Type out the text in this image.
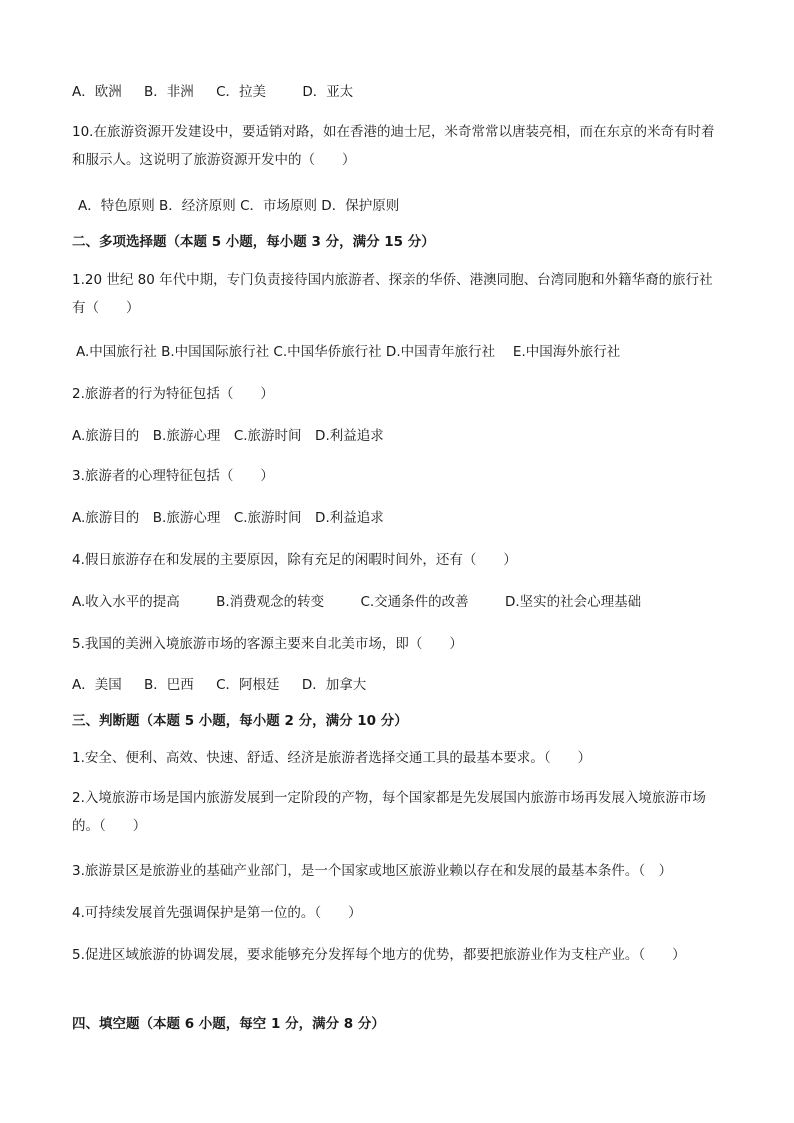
A．欧洲 B．非洲 C．拉美	D．亚太
10.在旅游资源开发建设中，要适销对路，如在香港的迪士尼，米奇常常以唐装亮相，而在东京的米奇有时着和服示人。这说明了旅游资源开发中的（　　）
A．特色原则 B．经济原则 C．市场原则 D．保护原则
二、多项选择题（本题 5 小题，每小题 3 分，满分 15 分）
1.20 世纪 80 年代中期，专门负责接待国内旅游者、探亲的华侨、港澳同胞、台湾同胞和外籍华裔的旅行社有（　　）
A.中国旅行社 B.中国国际旅行社 C.中国华侨旅行社 D.中国青年旅行社　 E.中国海外旅行社
2.旅游者的行为特征包括（　　）
A.旅游目的　B.旅游心理　C.旅游时间　D.利益追求
3.旅游者的心理特征包括（　　）
A.旅游目的　B.旅游心理　C.旅游时间　D.利益追求
4.假日旅游存在和发展的主要原因，除有充足的闲暇时间外，还有（　　）
A.收入水平的提高	B.消费观念的转变	C.交通条件的改善	D.坚实的社会心理基础
5.我国的美洲入境旅游市场的客源主要来自北美市场，即（　　）
A．美国 B．巴西 C．阿根廷 D．加拿大
三、判断题（本题 5 小题，每小题 2 分，满分 10 分）
1.安全、便利、高效、快速、舒适、经济是旅游者选择交通工具的最基本要求。（　　）
2.入境旅游市场是国内旅游发展到一定阶段的产物，每个国家都是先发展国内旅游市场再发展入境旅游市场的。（　　）
3.旅游景区是旅游业的基础产业部门，是一个国家或地区旅游业赖以存在和发展的最基本条件。（　）
4.可持续发展首先强调保护是第一位的。（　　）
5.促进区域旅游的协调发展，要求能够充分发挥每个地方的优势，都要把旅游业作为支柱产业。（　　）
四、填空题（本题 6 小题，每空 1 分，满分 8 分）
